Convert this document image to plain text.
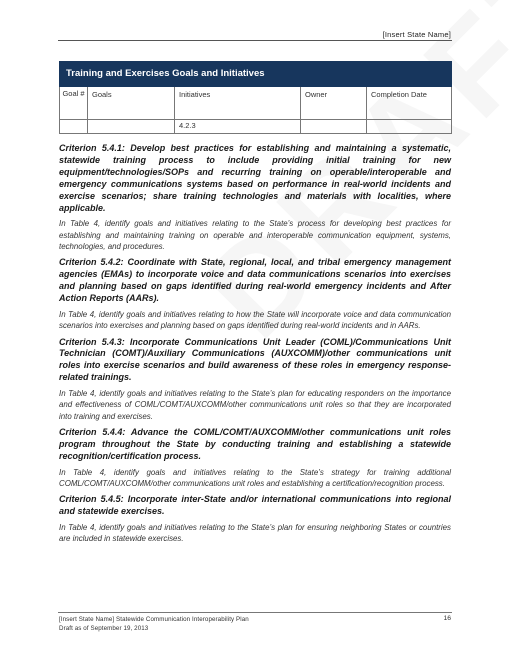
[Insert State Name]
Training and Exercises Goals and Initiatives				
Goal #	Goals	Initiatives	Owner	Completion Date
		4.2.3		

Criterion 5.4.1: Develop best practices for establishing and maintaining a systematic, statewide training process to include providing initial training for new equipment/technologies/SOPs and recurring training on operable/interoperable and emergency communications systems based on performance in real-world incidents and exercise scenarios; share training technologies and materials with localities, where applicable.

In Table 4, identify goals and initiatives relating to the State’s process for developing best practices for establishing and maintaining training on operable and interoperable communication equipment, systems, technologies, and procedures.

Criterion 5.4.2: Coordinate with State, regional, local, and tribal emergency management agencies (EMAs) to incorporate voice and data communications scenarios into exercises and planning based on gaps identified during real-world emergency incidents and After Action Reports (AARs).

In Table 4, identify goals and initiatives relating to how the State will incorporate voice and data communication scenarios into exercises and planning based on gaps identified during real-world incidents and in AARs.

Criterion 5.4.3: Incorporate Communications Unit Leader (COML)/Communications Unit Technician (COMT)/Auxiliary Communications (AUXCOMM)/other communications unit roles into exercise scenarios and build awareness of these roles in emergency response-related trainings.

In Table 4, identify goals and initiatives relating to the State’s plan for educating responders on the importance and effectiveness of COML/COMT/AUXCOMM/other communications unit roles so that they are incorporated into training and exercises.

Criterion 5.4.4: Advance the COML/COMT/AUXCOMM/other communications unit roles program throughout the State by conducting training and establishing a statewide recognition/certification process.

In Table 4, identify goals and initiatives relating to the State’s strategy for training additional COML/COMT/AUXCOMM/other communications unit roles and establishing a certification/recognition process.

Criterion 5.4.5: Incorporate inter-State and/or international communications into regional and statewide exercises.

In Table 4, identify goals and initiatives relating to the State’s plan for ensuring neighboring States or countries are included in statewide exercises.

[Insert State Name] Statewide Communication Interoperability Plan
Draft as of September 19, 2013
16
